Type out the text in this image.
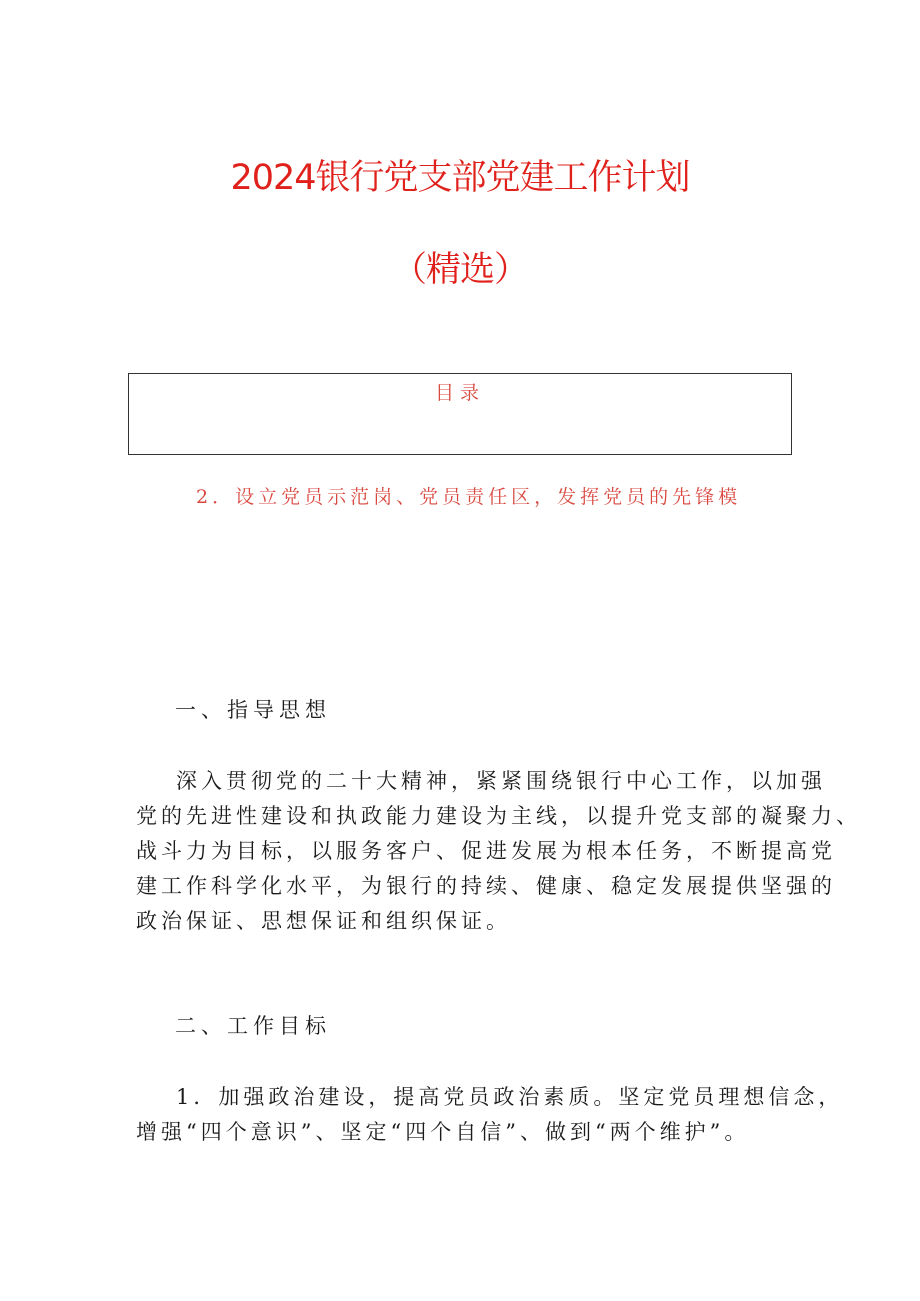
2024银行党支部党建工作计划
（精选）
目录
2．设立党员示范岗、党员责任区，发挥党员的先锋模
一、指导思想
深入贯彻党的二十大精神，紧紧围绕银行中心工作，以加强
党的先进性建设和执政能力建设为主线，以提升党支部的凝聚力、
战斗力为目标，以服务客户、促进发展为根本任务，不断提高党
建工作科学化水平，为银行的持续、健康、稳定发展提供坚强的
政治保证、思想保证和组织保证。
二、工作目标
1．加强政治建设，提高党员政治素质。坚定党员理想信念，
增强“四个意识”、坚定“四个自信”、做到“两个维护”。
